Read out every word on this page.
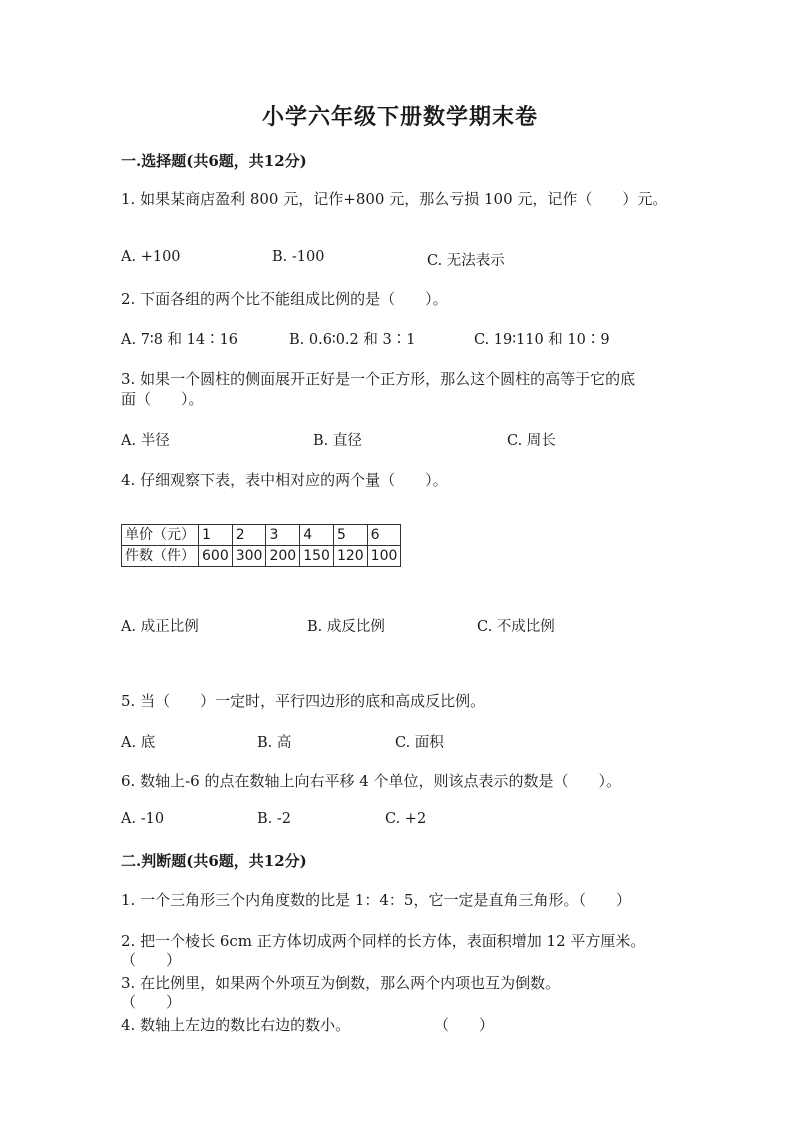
小学六年级下册数学期末卷
一.选择题(共6题，共12分)
1. 如果某商店盈利 800 元，记作+800 元，那么亏损 100 元，记作（　　）元。
A. +100	B. -100	C. 无法表示
2. 下面各组的两个比不能组成比例的是（　　）。
A. 7∶8 和 14∶16	B. 0.6∶0.2 和 3∶1	C. 19∶110 和 10∶9
3. 如果一个圆柱的侧面展开正好是一个正方形，那么这个圆柱的高等于它的底
面（　　）。
A. 半径	B. 直径	C. 周长
4. 仔细观察下表，表中相对应的两个量（　　）。
单价（元）	1	2	3	4	5	6
件数（件）	600	300	200	150	120	100
A. 成正比例	B. 成反比例	C. 不成比例
5. 当（　　）一定时，平行四边形的底和高成反比例。
A. 底	B. 高	C. 面积
6. 数轴上-6 的点在数轴上向右平移 4 个单位，则该点表示的数是（　　）。
A. -10	B. -2	C. +2
二.判断题(共6题，共12分)
1. 一个三角形三个内角度数的比是 1：4：5，它一定是直角三角形。（　　）
2. 把一个棱长 6cm 正方体切成两个同样的长方体，表面积增加 12 平方厘米。
（　　）
3. 在比例里，如果两个外项互为倒数，那么两个内项也互为倒数。
（　　）
4. 数轴上左边的数比右边的数小。	（　　）
